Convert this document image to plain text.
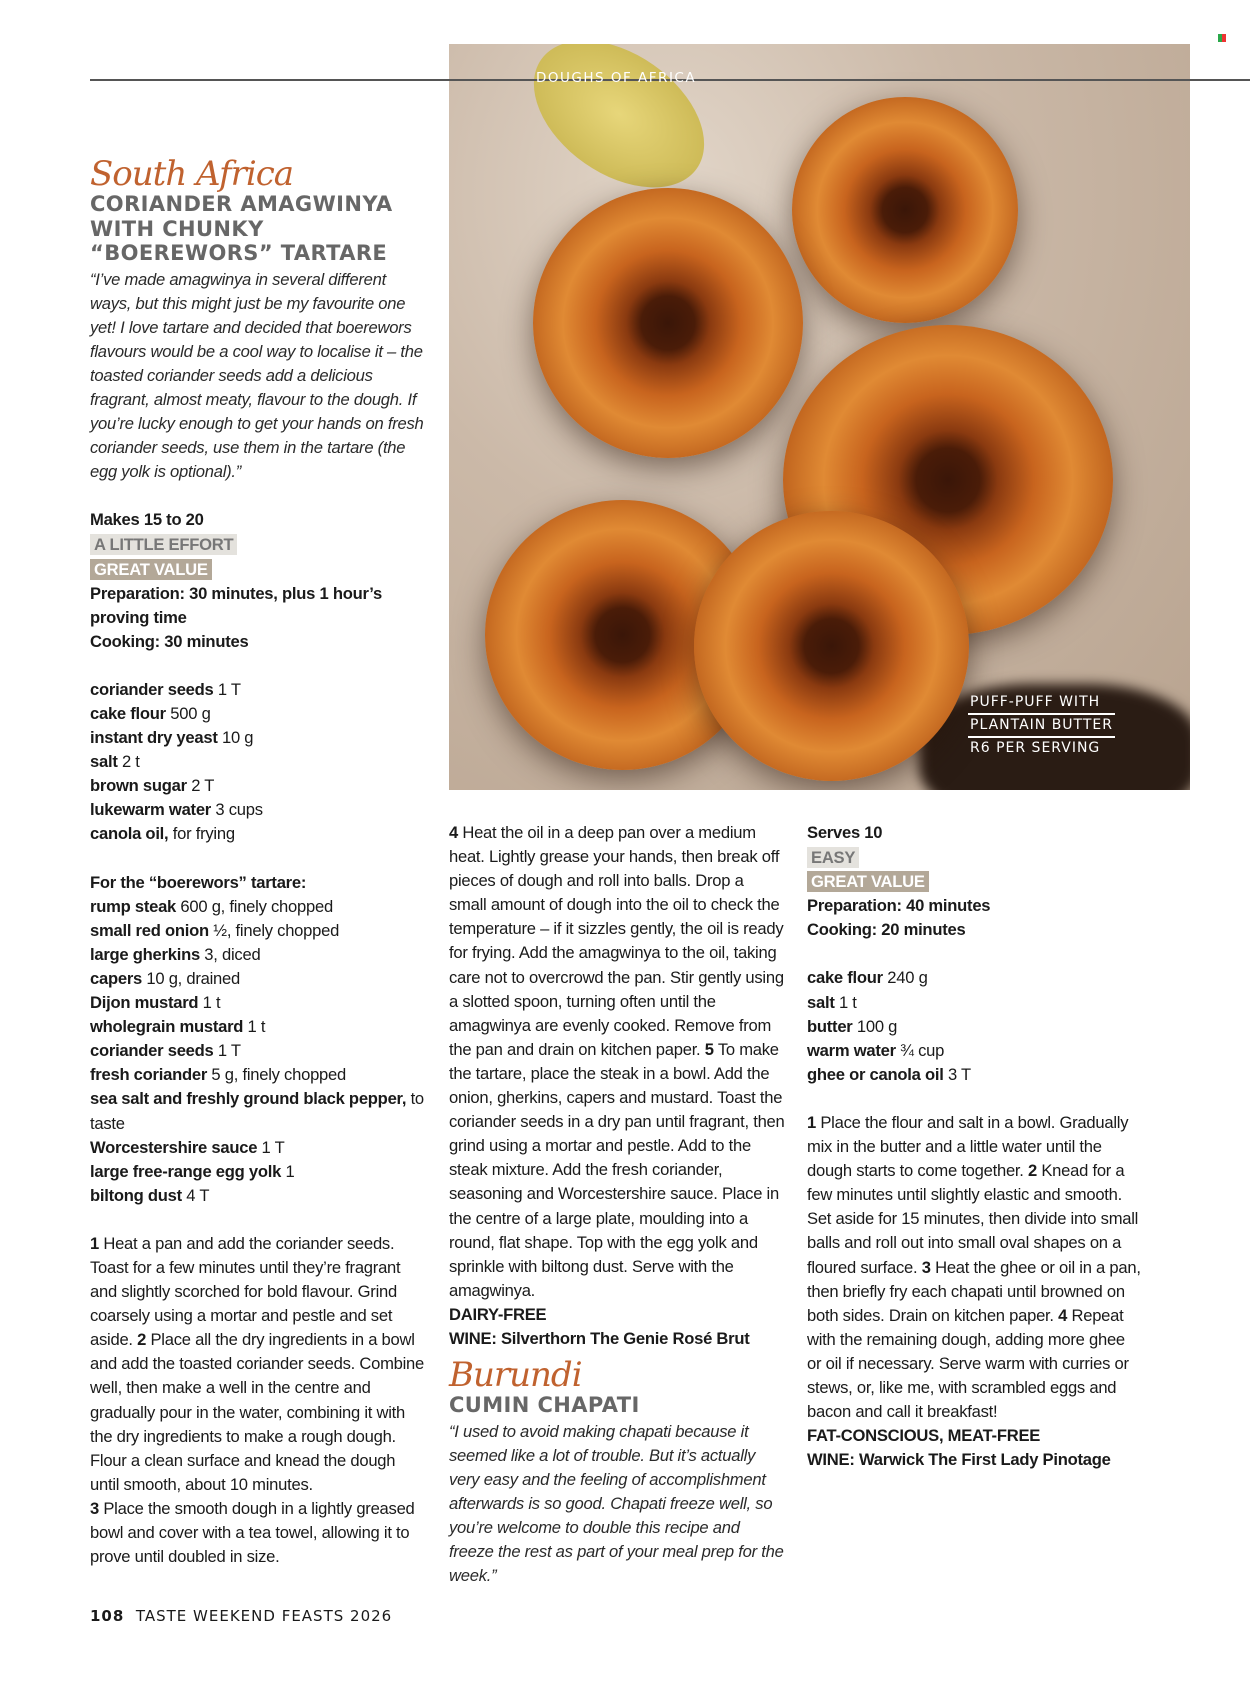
DOUGHS OF AFRICA
PUFF-PUFF WITH
PLANTAIN BUTTER
R6 PER SERVING
South Africa
CORIANDER AMAGWINYA
WITH CHUNKY
“BOEREWORS” TARTARE

“I’ve made amagwinya in several different ways, but this might just be my favourite one yet! I love tartare and decided that boerewors flavours would be a cool way to localise it – the toasted coriander seeds add a delicious fragrant, almost meaty, flavour to the dough. If you’re lucky enough to get your hands on fresh coriander seeds, use them in the tartare (the egg yolk is optional).”

Makes 15 to 20
A LITTLE EFFORT
GREAT VALUE
Preparation: 30 minutes, plus 1 hour’s proving time
Cooking: 30 minutes
coriander seeds 1 T
cake flour 500 g
instant dry yeast 10 g
salt 2 t
brown sugar 2 T
lukewarm water 3 cups
canola oil, for frying
For the “boerewors” tartare:
rump steak 600 g, finely chopped
small red onion ½, finely chopped
large gherkins 3, diced
capers 10 g, drained
Dijon mustard 1 t
wholegrain mustard 1 t
coriander seeds 1 T
fresh coriander 5 g, finely chopped
sea salt and freshly ground black pepper, to taste
Worcestershire sauce 1 T
large free-range egg yolk 1
biltong dust 4 T
1 Heat a pan and add the coriander seeds. Toast for a few minutes until they’re fragrant and slightly scorched for bold flavour. Grind coarsely using a mortar and pestle and set aside. 2 Place all the dry ingredients in a bowl and add the toasted coriander seeds. Combine well, then make a well in the centre and gradually pour in the water, combining it with the dry ingredients to make a rough dough. Flour a clean surface and knead the dough until smooth, about 10 minutes.
3 Place the smooth dough in a lightly greased bowl and cover with a tea towel, allowing it to prove until doubled in size.
4 Heat the oil in a deep pan over a medium heat. Lightly grease your hands, then break off pieces of dough and roll into balls. Drop a small amount of dough into the oil to check the temperature – if it sizzles gently, the oil is ready for frying. Add the amagwinya to the oil, taking care not to overcrowd the pan. Stir gently using a slotted spoon, turning often until the amagwinya are evenly cooked. Remove from the pan and drain on kitchen paper. 5 To make the tartare, place the steak in a bowl. Add the onion, gherkins, capers and mustard. Toast the coriander seeds in a dry pan until fragrant, then grind using a mortar and pestle. Add to the steak mixture. Add the fresh coriander, seasoning and Worcestershire sauce. Place in the centre of a large plate, moulding into a round, flat shape. Top with the egg yolk and sprinkle with biltong dust. Serve with the amagwinya.
DAIRY-FREE
WINE: Silverthorn The Genie Rosé Brut
Burundi
CUMIN CHAPATI

“I used to avoid making chapati because it seemed like a lot of trouble. But it’s actually very easy and the feeling of accomplishment afterwards is so good. Chapati freeze well, so you’re welcome to double this recipe and freeze the rest as part of your meal prep for the week.”

Serves 10
EASY
GREAT VALUE
Preparation: 40 minutes
Cooking: 20 minutes
cake flour 240 g
salt 1 t
butter 100 g
warm water ¾ cup
ghee or canola oil 3 T
1 Place the flour and salt in a bowl. Gradually mix in the butter and a little water until the dough starts to come together. 2 Knead for a few minutes until slightly elastic and smooth. Set aside for 15 minutes, then divide into small balls and roll out into small oval shapes on a floured surface. 3 Heat the ghee or oil in a pan, then briefly fry each chapati until browned on both sides. Drain on kitchen paper. 4 Repeat with the remaining dough, adding more ghee or oil if necessary. Serve warm with curries or stews, or, like me, with scrambled eggs and bacon and call it breakfast!
FAT-CONSCIOUS, MEAT-FREE
WINE: Warwick The First Lady Pinotage
108 TASTE WEEKEND FEASTS 2026
